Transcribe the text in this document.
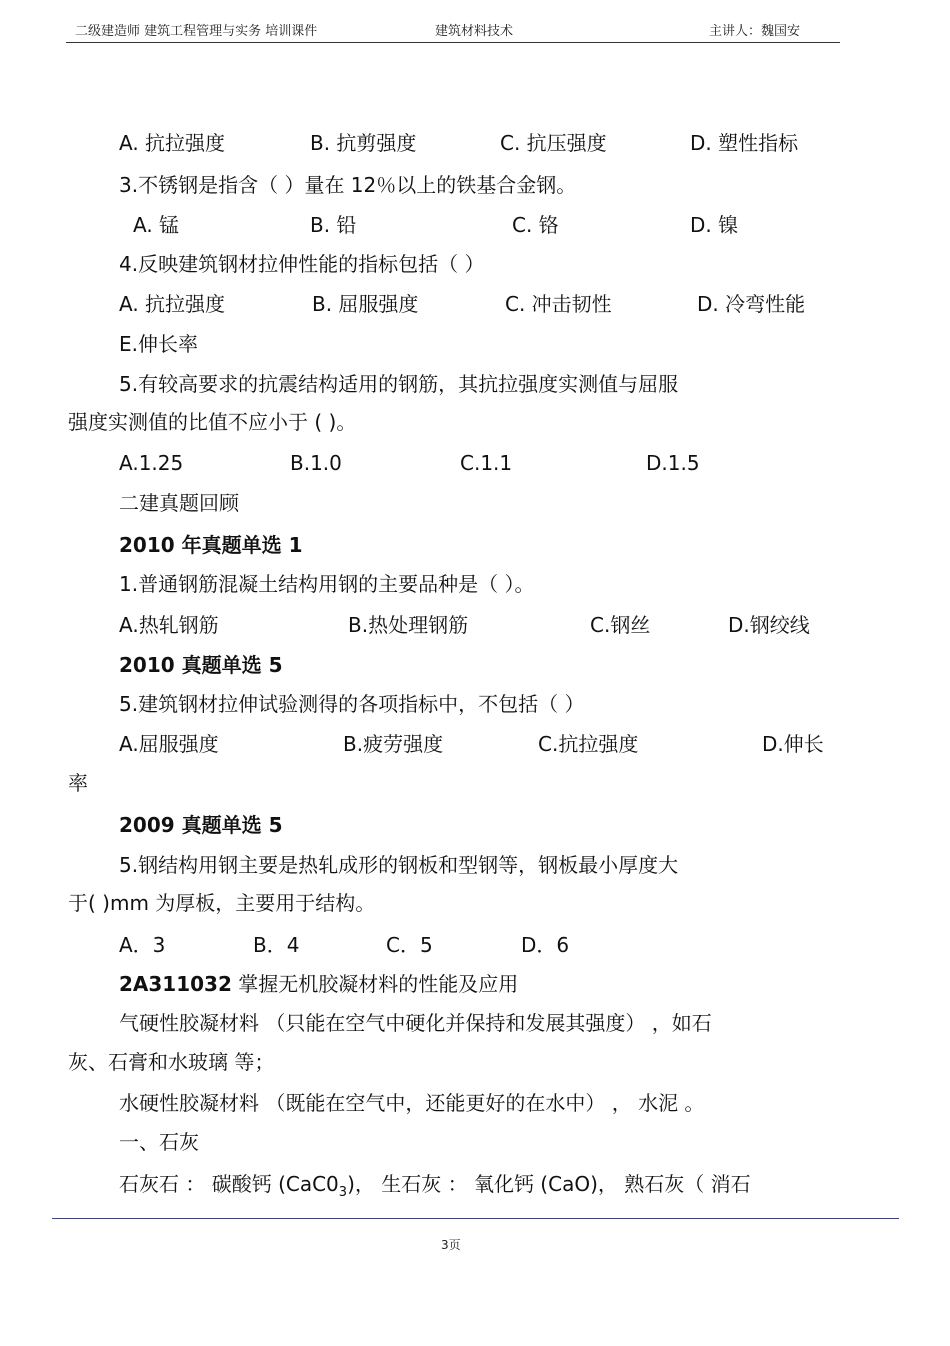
二级建造师 建筑工程管理与实务 培训课件	建筑材料技术	主讲人：魏国安
A. 抗拉强度	B. 抗剪强度	C. 抗压强度	D. 塑性指标
3.不锈钢是指含（ ）量在 12％以上的铁基合金钢。
A. 锰	B. 铅	C. 铬	D. 镍
4.反映建筑钢材拉伸性能的指标包括（ ）
A. 抗拉强度	B. 屈服强度	C. 冲击韧性	D. 冷弯性能
E.伸长率
5.有较高要求的抗震结构适用的钢筋，其抗拉强度实测值与屈服
强度实测值的比值不应小于 ( )。
A.1.25	B.1.0	C.1.1	D.1.5
二建真题回顾
2010 年真题单选 1
1.普通钢筋混凝土结构用钢的主要品种是（ ）。
A.热轧钢筋	B.热处理钢筋	C.钢丝	D.钢绞线
2010 真题单选 5
5.建筑钢材拉伸试验测得的各项指标中，不包括（ ）
A.屈服强度	B.疲劳强度	C.抗拉强度	D.伸长
率
2009 真题单选 5
5.钢结构用钢主要是热轧成形的钢板和型钢等，钢板最小厚度大
于( )mm 为厚板，主要用于结构。
A．3	B．4	C．5	D．6
2A311032 掌握无机胶凝材料的性能及应用
气硬性胶凝材料 （只能在空气中硬化并保持和发展其强度） ，如石
灰、石膏和水玻璃 等；
水硬性胶凝材料 （既能在空气中，还能更好的在水中） ， 水泥 。
一、石灰
石灰石 ： 碳酸钙 $(CaC0_3)$， 生石灰 ： 氧化钙 (CaO)， 熟石灰（ 消石
3页
